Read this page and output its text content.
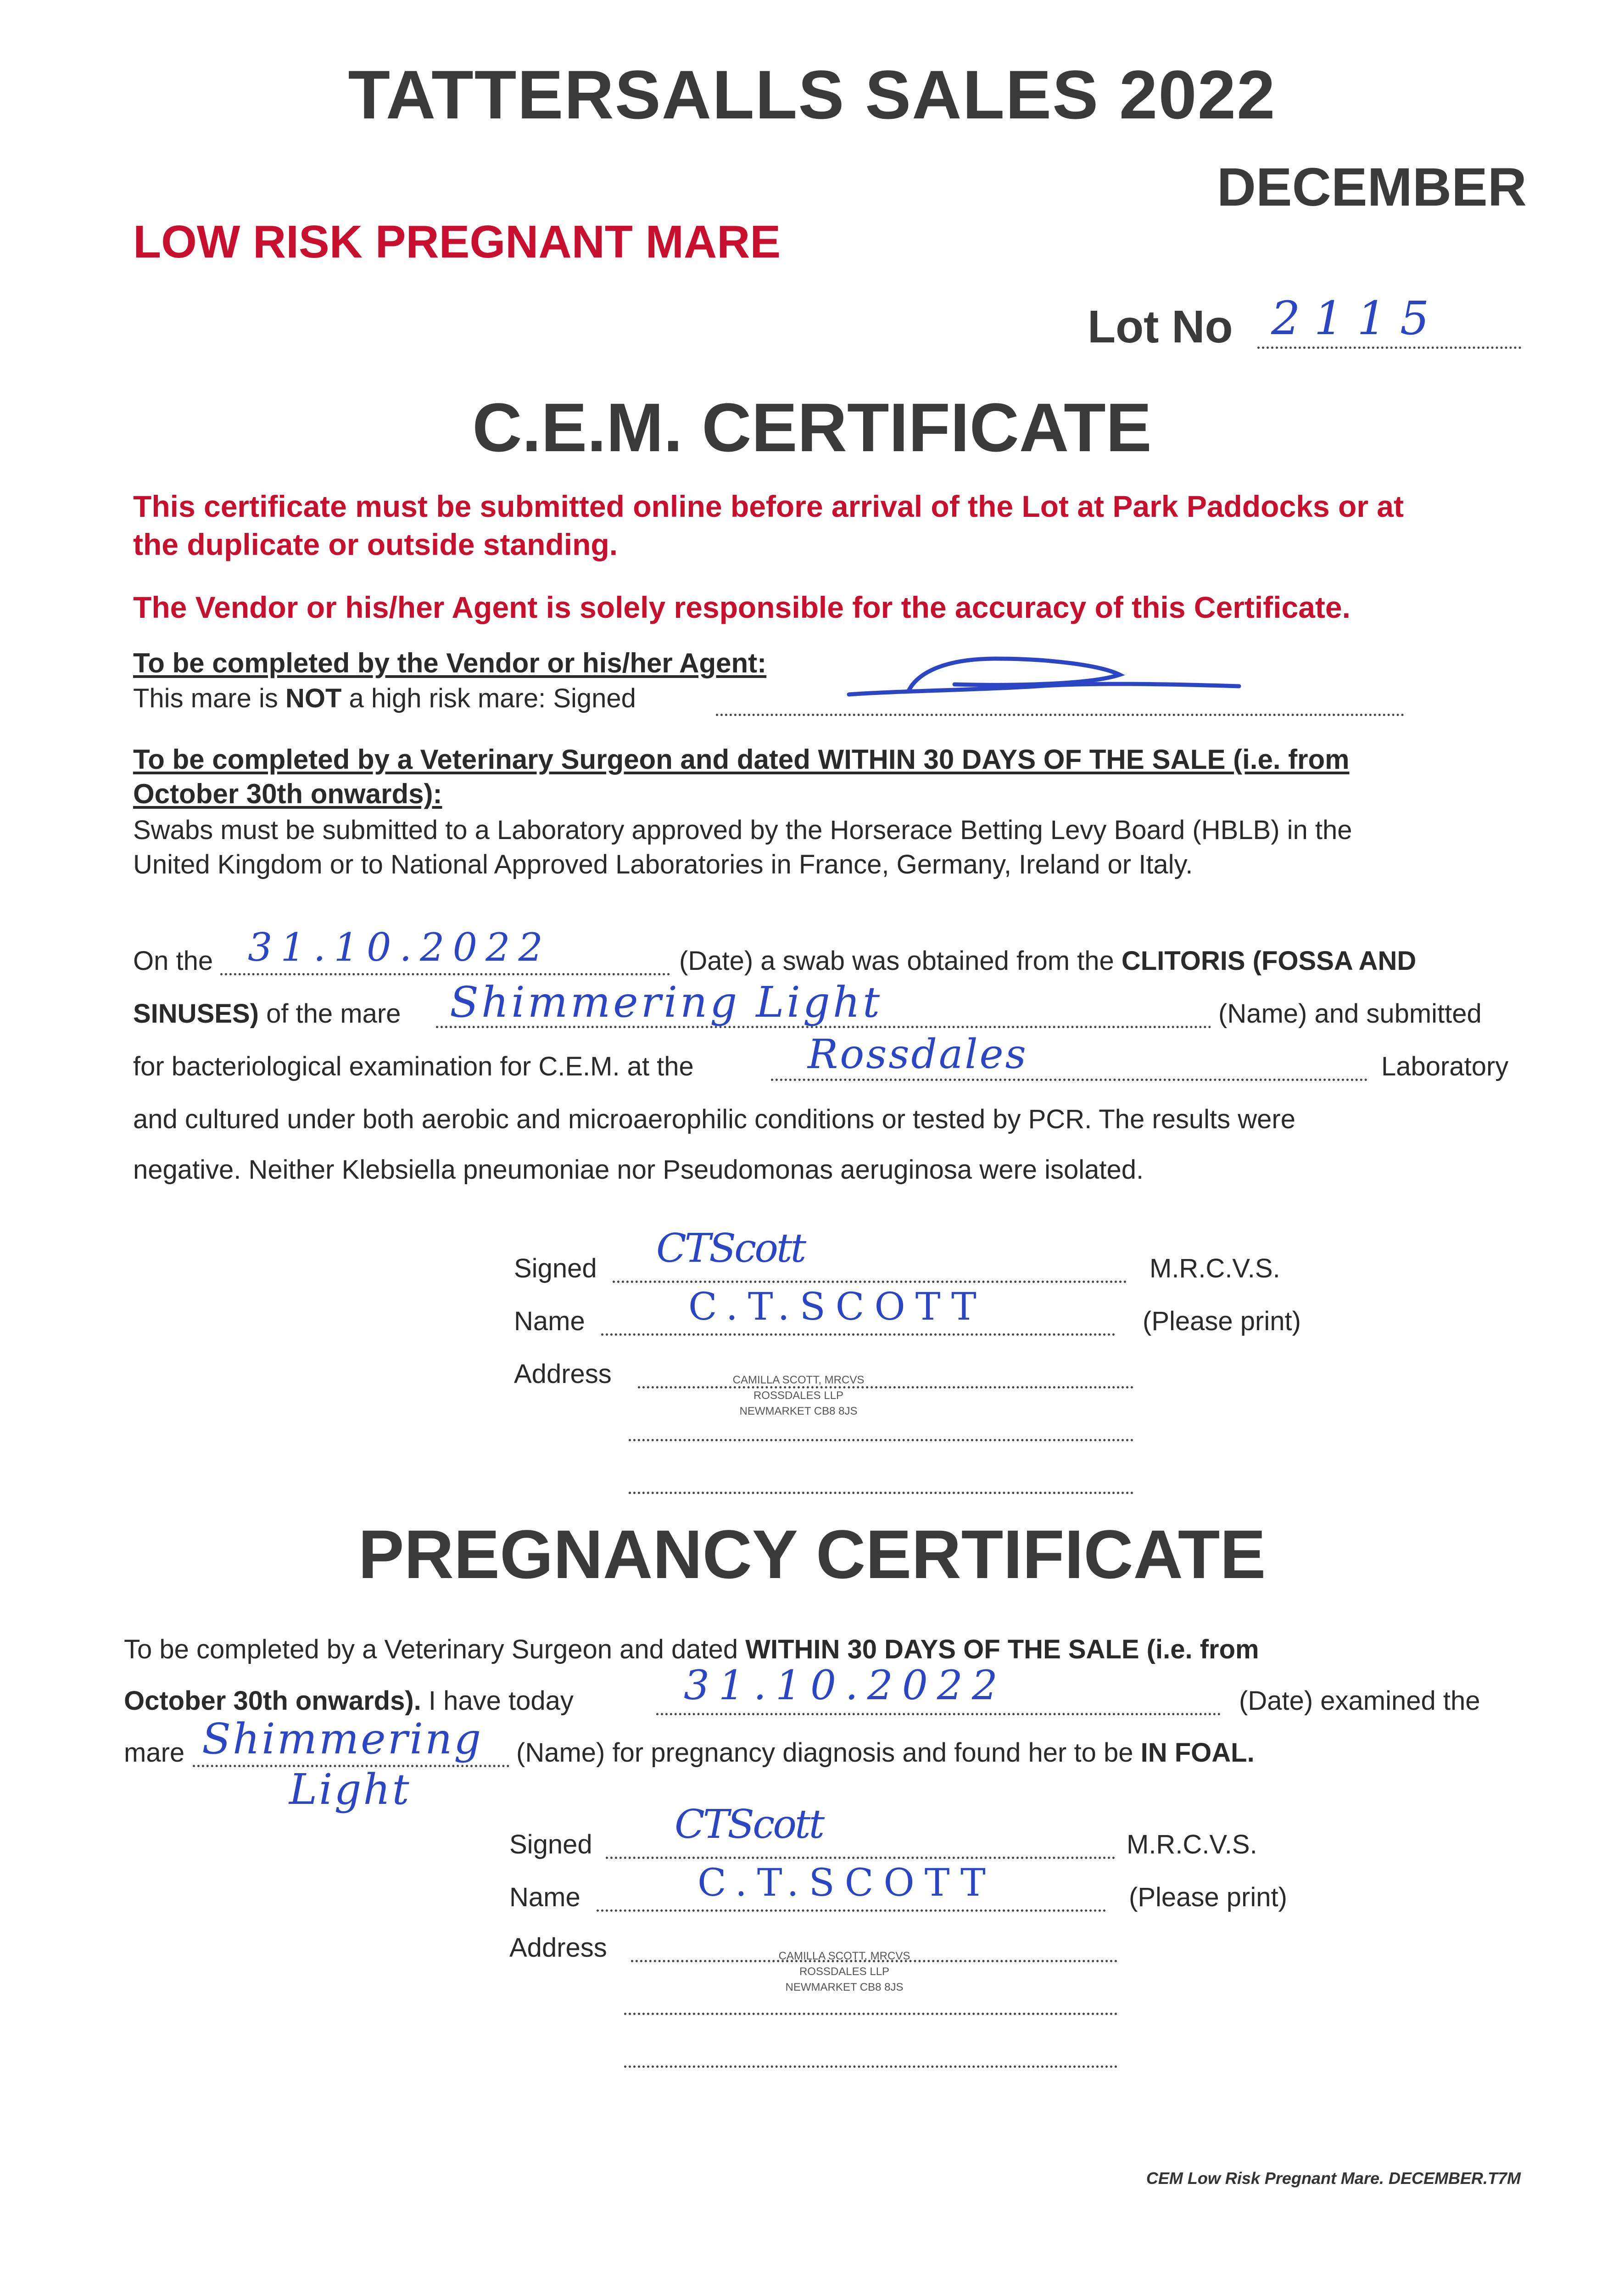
TATTERSALLS SALES 2022
DECEMBER
LOW RISK PREGNANT MARE
Lot No 2115
C.E.M. CERTIFICATE
This certificate must be submitted online before arrival of the Lot at Park Paddocks or at
the duplicate or outside standing.
The Vendor or his/her Agent is solely responsible for the accuracy of this Certificate.
To be completed by the Vendor or his/her Agent:
This mare is NOT a high risk mare: Signed
To be completed by a Veterinary Surgeon and dated WITHIN 30 DAYS OF THE SALE (i.e. from
October 30th onwards):
Swabs must be submitted to a Laboratory approved by the Horserace Betting Levy Board (HBLB) in the
United Kingdom or to National Approved Laboratories in France, Germany, Ireland or Italy.
On the 31.10.2022	(Date) a swab was obtained from the CLITORIS (FOSSA AND
SINUSES) of the mare Shimmering Light	(Name) and submitted
for bacteriological examination for C.E.M. at the	Rossdales	Laboratory
and cultured under both aerobic and microaerophilic conditions or tested by PCR. The results were
negative. Neither Klebsiella pneumoniae nor Pseudomonas aeruginosa were isolated.
Signed CTScott	M.R.C.V.S.
Name	C.T.SCOTT	(Please print)
Address	CAMILLA SCOTT, MRCVS
ROSSDALES LLP
NEWMARKET CB8 8JS
PREGNANCY CERTIFICATE
To be completed by a Veterinary Surgeon and dated WITHIN 30 DAYS OF THE SALE (i.e. from
October 30th onwards). I have today	31.10.2022	(Date) examined the
mare Shimmering
Light
(Name) for pregnancy diagnosis and found her to be IN FOAL.
Signed CTScott	M.R.C.V.S.
Name	C.T.SCOTT	(Please print)
Address	CAMILLA SCOTT, MRCVS
ROSSDALES LLP
NEWMARKET CB8 8JS
CEM Low Risk Pregnant Mare. DECEMBER.T7M
